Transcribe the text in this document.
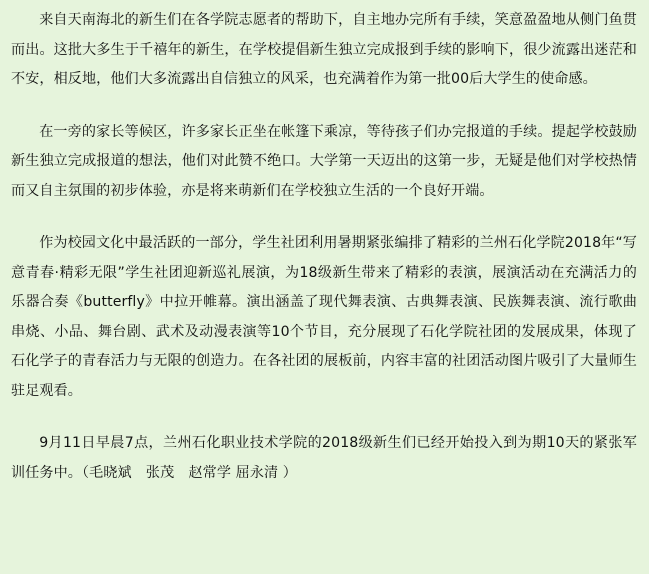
来自天南海北的新生们在各学院志愿者的帮助下，自主地办完所有手续，笑意盈盈地从侧门鱼贯而出。这批大多生于千禧年的新生，在学校提倡新生独立完成报到手续的影响下，很少流露出迷茫和不安，相反地，他们大多流露出自信独立的风采，也充满着作为第一批00后大学生的使命感。

在一旁的家长等候区，许多家长正坐在帐篷下乘凉，等待孩子们办完报道的手续。提起学校鼓励新生独立完成报道的想法，他们对此赞不绝口。大学第一天迈出的这第一步，无疑是他们对学校热情而又自主氛围的初步体验，亦是将来萌新们在学校独立生活的一个良好开端。

作为校园文化中最活跃的一部分，学生社团利用暑期紧张编排了精彩的兰州石化学院2018年“写意青春·精彩无限”学生社团迎新巡礼展演，为18级新生带来了精彩的表演，展演活动在充满活力的乐器合奏《butterfly》中拉开帷幕。演出涵盖了现代舞表演、古典舞表演、民族舞表演、流行歌曲串烧、小品、舞台剧、武术及动漫表演等10个节目，充分展现了石化学院社团的发展成果，体现了石化学子的青春活力与无限的创造力。在各社团的展板前，内容丰富的社团活动图片吸引了大量师生驻足观看。

9月11日早晨7点，兰州石化职业技术学院的2018级新生们已经开始投入到为期10天的紧张军训任务中。（毛晓斌　张茂　赵常学 屈永清 ）
